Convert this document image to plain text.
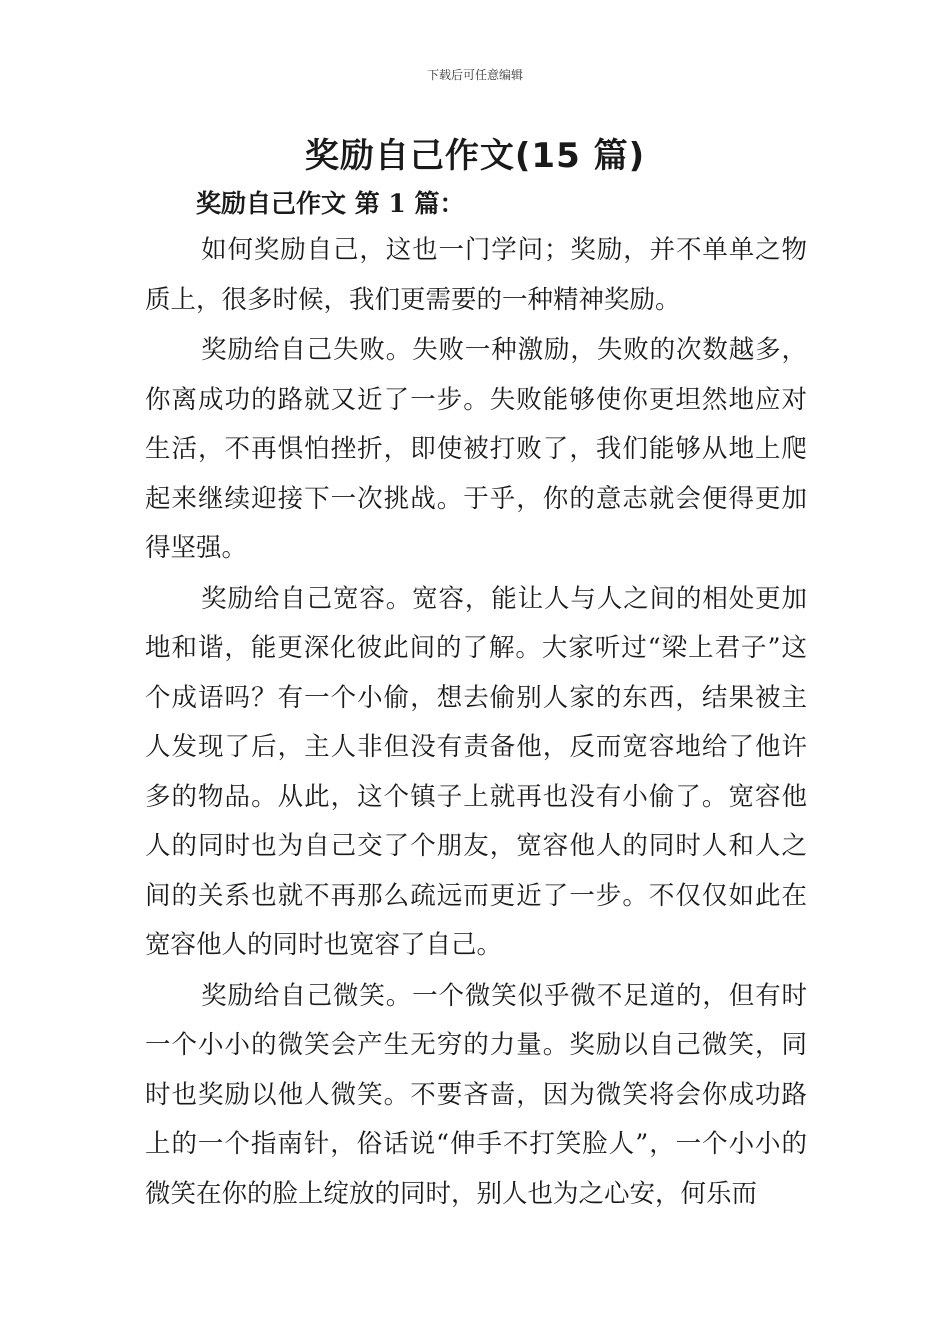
下载后可任意编辑
奖励自己作文(15 篇)
奖励自己作文 第 1 篇：

如何奖励自己，这也一门学问；奖励，并不单单之物质上，很多时候，我们更需要的一种精神奖励。

奖励给自己失败。失败一种激励，失败的次数越多，你离成功的路就又近了一步。失败能够使你更坦然地应对生活，不再惧怕挫折，即使被打败了，我们能够从地上爬起来继续迎接下一次挑战。于乎，你的意志就会便得更加得坚强。

奖励给自己宽容。宽容，能让人与人之间的相处更加地和谐，能更深化彼此间的了解。大家听过“梁上君子”这个成语吗？有一个小偷，想去偷别人家的东西，结果被主人发现了后，主人非但没有责备他，反而宽容地给了他许多的物品。从此，这个镇子上就再也没有小偷了。宽容他人的同时也为自己交了个朋友，宽容他人的同时人和人之间的关系也就不再那么疏远而更近了一步。不仅仅如此在宽容他人的同时也宽容了自己。

奖励给自己微笑。一个微笑似乎微不足道的，但有时一个小小的微笑会产生无穷的力量。奖励以自己微笑，同时也奖励以他人微笑。不要吝啬，因为微笑将会你成功路上的一个指南针，俗话说“伸手不打笑脸人”，一个小小的微笑在你的脸上绽放的同时，别人也为之心安，何乐而
